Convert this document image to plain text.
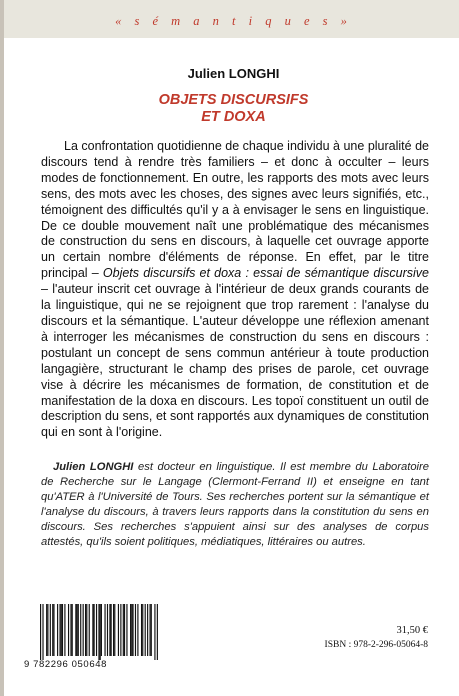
« s é m a n t i q u e s »
Julien LONGHI
OBJETS DISCURSIFS
ET DOXA

La confrontation quotidienne de chaque individu à une pluralité de discours tend à rendre très familiers – et donc à occulter – leurs modes de fonctionnement. En outre, les rapports des mots avec leurs sens, des mots avec les choses, des signes avec leurs signifiés, etc., témoignent des difficultés qu'il y a à envisager le sens en linguistique. De ce double mouvement naît une problématique des mécanismes de construction du sens en discours, à laquelle cet ouvrage apporte un certain nombre d'éléments de réponse. En effet, par le titre principal – Objets discursifs et doxa : essai de sémantique discursive – l'auteur inscrit cet ouvrage à l'intérieur de deux grands courants de la linguistique, qui ne se rejoignent que trop rarement : l'analyse du discours et la sémantique. L'auteur développe une réflexion amenant à interroger les mécanismes de construction du sens en discours : postulant un concept de sens commun antérieur à toute production langagière, structurant le champ des prises de parole, cet ouvrage vise à décrire les mécanismes de formation, de constitution et de manifestation de la doxa en discours. Les topoï constituent un outil de description du sens, et sont rapportés aux dynamiques de constitution qui en sont à l'origine.

Julien LONGHI est docteur en linguistique. Il est membre du Laboratoire de Recherche sur le Langage (Clermont-Ferrand II) et enseigne en tant qu'ATER à l'Université de Tours. Ses recherches portent sur la sémantique et l'analyse du discours, à travers leurs rapports dans la constitution du sens en discours. Ses recherches s'appuient ainsi sur des analyses de corpus attestés, qu'ils soient politiques, médiatiques, littéraires ou autres.

9 782296 050648
31,50 €
ISBN : 978-2-296-05064-8
